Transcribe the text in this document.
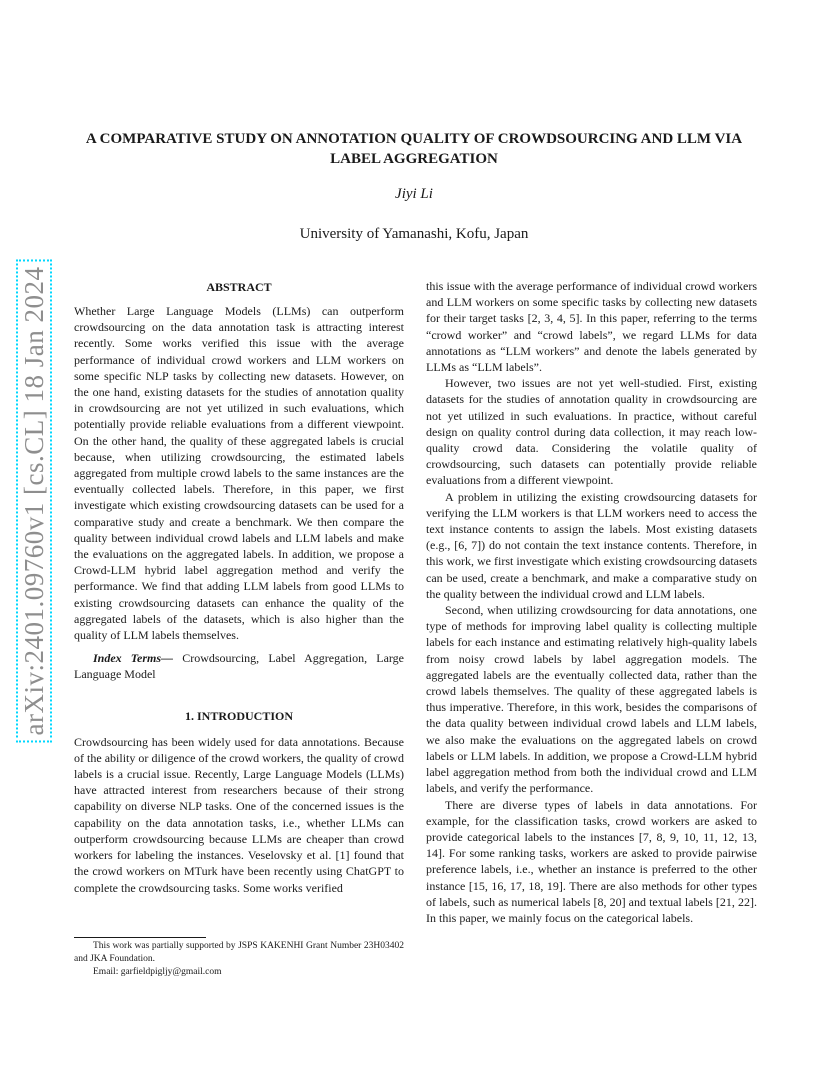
arXiv:2401.09760v1 [cs.CL] 18 Jan 2024
A COMPARATIVE STUDY ON ANNOTATION QUALITY OF CROWDSOURCING AND LLM VIA LABEL AGGREGATION
Jiyi Li
University of Yamanashi, Kofu, Japan
ABSTRACT

Whether Large Language Models (LLMs) can outperform crowdsourcing on the data annotation task is attracting interest recently. Some works verified this issue with the average performance of individual crowd workers and LLM workers on some specific NLP tasks by collecting new datasets. However, on the one hand, existing datasets for the studies of annotation quality in crowdsourcing are not yet utilized in such evaluations, which potentially provide reliable evaluations from a different viewpoint. On the other hand, the quality of these aggregated labels is crucial because, when utilizing crowdsourcing, the estimated labels aggregated from multiple crowd labels to the same instances are the eventually collected labels. Therefore, in this paper, we first investigate which existing crowdsourcing datasets can be used for a comparative study and create a benchmark. We then compare the quality between individual crowd labels and LLM labels and make the evaluations on the aggregated labels. In addition, we propose a Crowd-LLM hybrid label aggregation method and verify the performance. We find that adding LLM labels from good LLMs to existing crowdsourcing datasets can enhance the quality of the aggregated labels of the datasets, which is also higher than the quality of LLM labels themselves.

Index Terms— Crowdsourcing, Label Aggregation, Large Language Model

1. INTRODUCTION

Crowdsourcing has been widely used for data annotations. Because of the ability or diligence of the crowd workers, the quality of crowd labels is a crucial issue. Recently, Large Language Models (LLMs) have attracted interest from researchers because of their strong capability on diverse NLP tasks. One of the concerned issues is the capability on the data annotation tasks, i.e., whether LLMs can outperform crowdsourcing because LLMs are cheaper than crowd workers for labeling the instances. Veselovsky et al. [1] found that the crowd workers on MTurk have been recently using ChatGPT to complete the crowdsourcing tasks. Some works verified

This work was partially supported by JSPS KAKENHI Grant Number 23H03402 and JKA Foundation.

Email: garfieldpigljy@gmail.com

this issue with the average performance of individual crowd workers and LLM workers on some specific tasks by collecting new datasets for their target tasks [2, 3, 4, 5]. In this paper, referring to the terms “crowd worker” and “crowd labels”, we regard LLMs for data annotations as “LLM workers” and denote the labels generated by LLMs as “LLM labels”.

However, two issues are not yet well-studied. First, existing datasets for the studies of annotation quality in crowdsourcing are not yet utilized in such evaluations. In practice, without careful design on quality control during data collection, it may reach low-quality crowd data. Considering the volatile quality of crowdsourcing, such datasets can potentially provide reliable evaluations from a different viewpoint.

A problem in utilizing the existing crowdsourcing datasets for verifying the LLM workers is that LLM workers need to access the text instance contents to assign the labels. Most existing datasets (e.g., [6, 7]) do not contain the text instance contents. Therefore, in this work, we first investigate which existing crowdsourcing datasets can be used, create a benchmark, and make a comparative study on the quality between the individual crowd and LLM labels.

Second, when utilizing crowdsourcing for data annotations, one type of methods for improving label quality is collecting multiple labels for each instance and estimating relatively high-quality labels from noisy crowd labels by label aggregation models. The aggregated labels are the eventually collected data, rather than the crowd labels themselves. The quality of these aggregated labels is thus imperative. Therefore, in this work, besides the comparisons of the data quality between individual crowd labels and LLM labels, we also make the evaluations on the aggregated labels on crowd labels or LLM labels. In addition, we propose a Crowd-LLM hybrid label aggregation method from both the individual crowd and LLM labels, and verify the performance.

There are diverse types of labels in data annotations. For example, for the classification tasks, crowd workers are asked to provide categorical labels to the instances [7, 8, 9, 10, 11, 12, 13, 14]. For some ranking tasks, workers are asked to provide pairwise preference labels, i.e., whether an instance is preferred to the other instance [15, 16, 17, 18, 19]. There are also methods for other types of labels, such as numerical labels [8, 20] and textual labels [21, 22]. In this paper, we mainly focus on the categorical labels.
